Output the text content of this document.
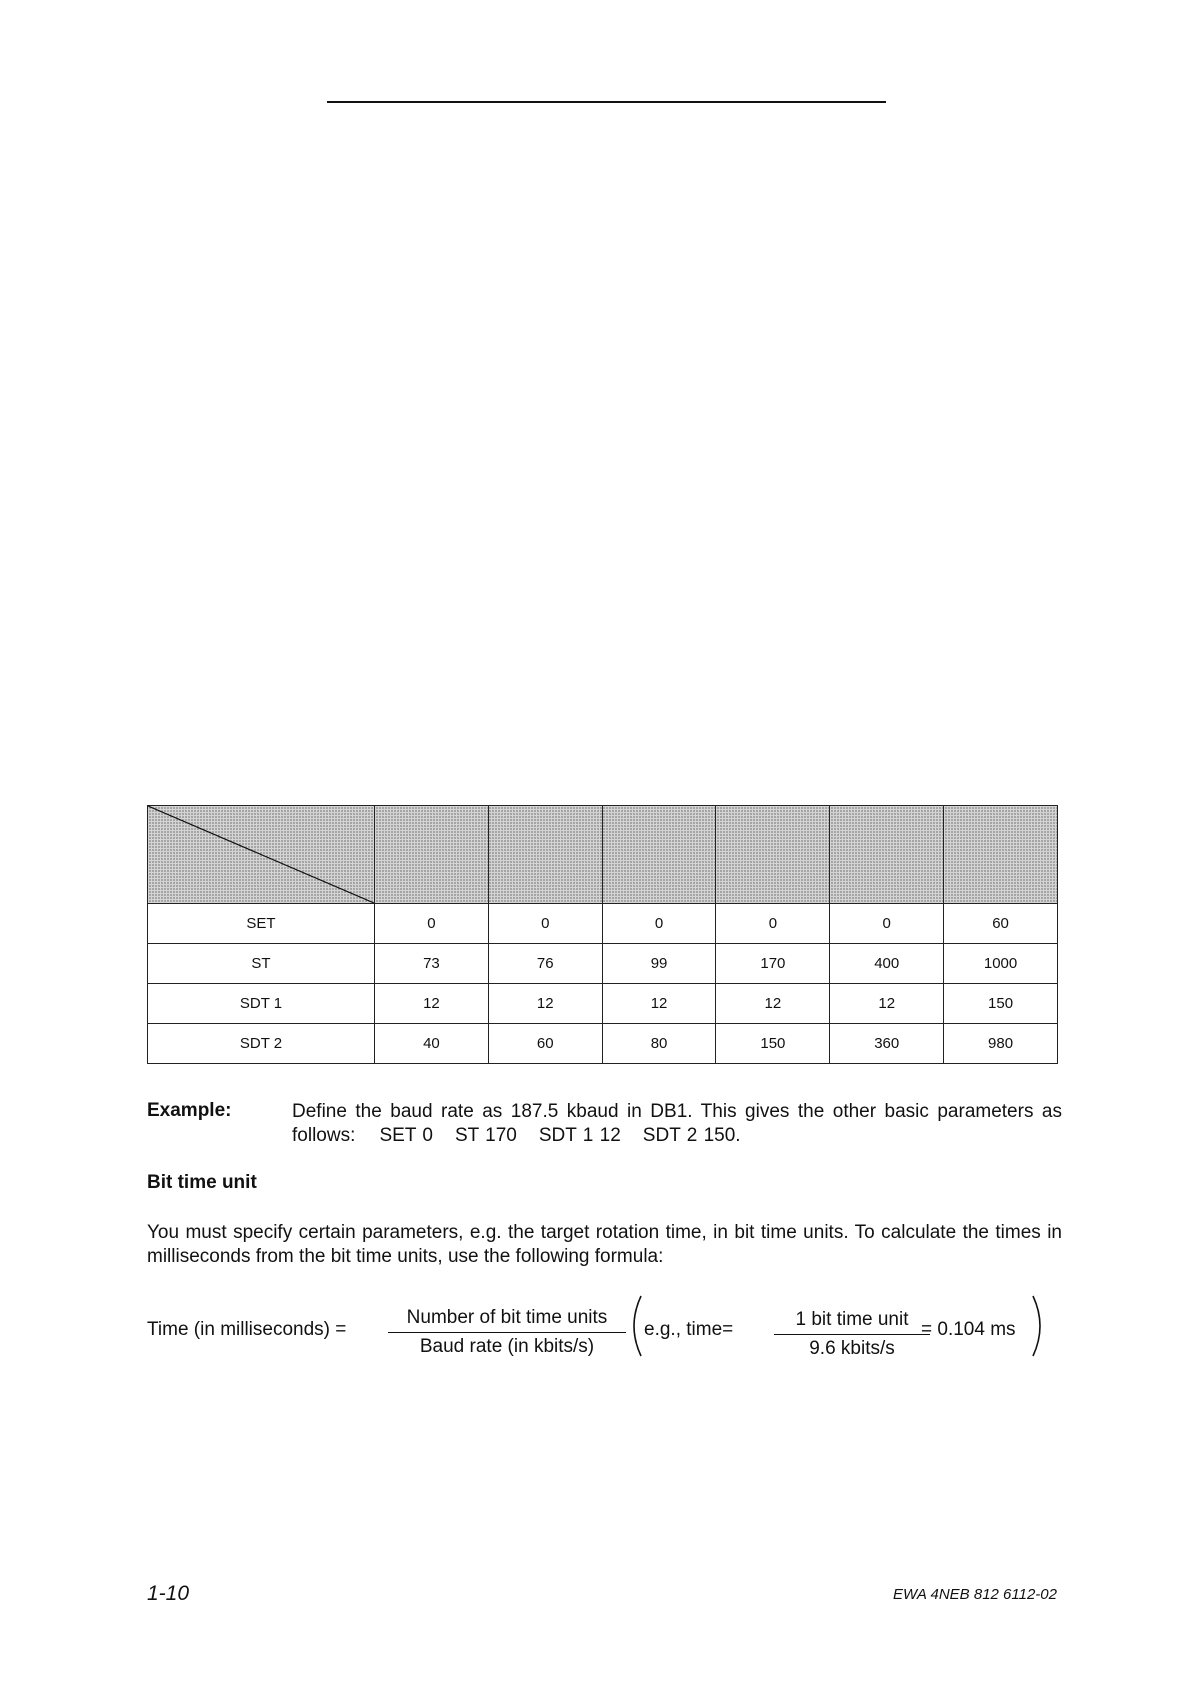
SET	0	0	0	0	0	60
ST	73	76	99	170	400	1000
SDT 1	12	12	12	12	12	150
SDT 2	40	60	80	150	360	980
Example:	Define the baud rate as 187.5 kbaud in DB1. This gives the other basic parameters as follows: SET 0 ST 170 SDT 1 12 SDT 2 150.
Bit time unit
You must specify certain parameters, e.g. the target rotation time, in bit time units. To calculate the times in milliseconds from the bit time units, use the following formula:
Time (in milliseconds) =
Number of bit time units
Baud rate (in kbits/s)
e.g., time=	1 bit time unit
9.6 kbits/s
= 0.104 ms
1-10	EWA 4NEB 812 6112-02
